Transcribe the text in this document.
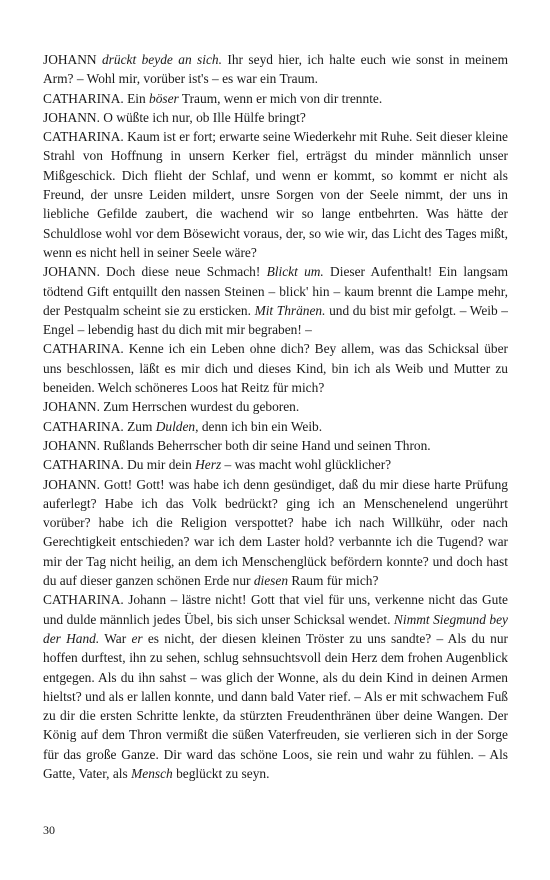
JOHANN drückt beyde an sich. Ihr seyd hier, ich halte euch wie sonst in meinem Arm? – Wohl mir, vorüber ist's – es war ein Traum.

CATHARINA. Ein böser Traum, wenn er mich von dir trennte.

JOHANN. O wüßte ich nur, ob Ille Hülfe bringt?

CATHARINA. Kaum ist er fort; erwarte seine Wiederkehr mit Ruhe. Seit dieser kleine Strahl von Hoffnung in unsern Kerker fiel, erträgst du minder männlich unser Mißgeschick. Dich flieht der Schlaf, und wenn er kommt, so kommt er nicht als Freund, der unsre Leiden mildert, unsre Sorgen von der Seele nimmt, der uns in liebliche Gefilde zaubert, die wachend wir so lange entbehrten. Was hätte der Schuldlose wohl vor dem Bösewicht voraus, der, so wie wir, das Licht des Tages mißt, wenn es nicht hell in seiner Seele wäre?

JOHANN. Doch diese neue Schmach! Blickt um. Dieser Aufenthalt! Ein langsam tödtend Gift entquillt den nassen Steinen – blick' hin – kaum brennt die Lampe mehr, der Pestqualm scheint sie zu ersticken. Mit Thränen. und du bist mir gefolgt. – Weib – Engel – lebendig hast du dich mit mir begraben! –

CATHARINA. Kenne ich ein Leben ohne dich? Bey allem, was das Schicksal über uns beschlossen, läßt es mir dich und dieses Kind, bin ich als Weib und Mutter zu beneiden. Welch schöneres Loos hat Reitz für mich?

JOHANN. Zum Herrschen wurdest du geboren.

CATHARINA. Zum Dulden, denn ich bin ein Weib.

JOHANN. Rußlands Beherrscher both dir seine Hand und seinen Thron.

CATHARINA. Du mir dein Herz – was macht wohl glücklicher?

JOHANN. Gott! Gott! was habe ich denn gesündiget, daß du mir diese harte Prüfung auferlegt? Habe ich das Volk bedrückt? ging ich an Menschenelend ungerührt vorüber? habe ich die Religion verspottet? habe ich nach Willkühr, oder nach Gerechtigkeit entschieden? war ich dem Laster hold? verbannte ich die Tugend? war mir der Tag nicht heilig, an dem ich Menschenglück befördern konnte? und doch hast du auf dieser ganzen schönen Erde nur diesen Raum für mich?

CATHARINA. Johann – lästre nicht! Gott that viel für uns, verkenne nicht das Gute und dulde männlich jedes Übel, bis sich unser Schicksal wendet. Nimmt Siegmund bey der Hand. War er es nicht, der diesen kleinen Tröster zu uns sandte? – Als du nur hoffen durftest, ihn zu sehen, schlug sehnsuchtsvoll dein Herz dem frohen Augenblick entgegen. Als du ihn sahst – was glich der Wonne, als du dein Kind in deinen Armen hieltst? und als er lallen konnte, und dann bald Vater rief. – Als er mit schwachem Fuß zu dir die ersten Schritte lenkte, da stürzten Freudenthränen über deine Wangen. Der König auf dem Thron vermißt die süßen Vaterfreuden, sie verlieren sich in der Sorge für das große Ganze. Dir ward das schöne Loos, sie rein und wahr zu fühlen. – Als Gatte, Vater, als Mensch beglückt zu seyn.

30
